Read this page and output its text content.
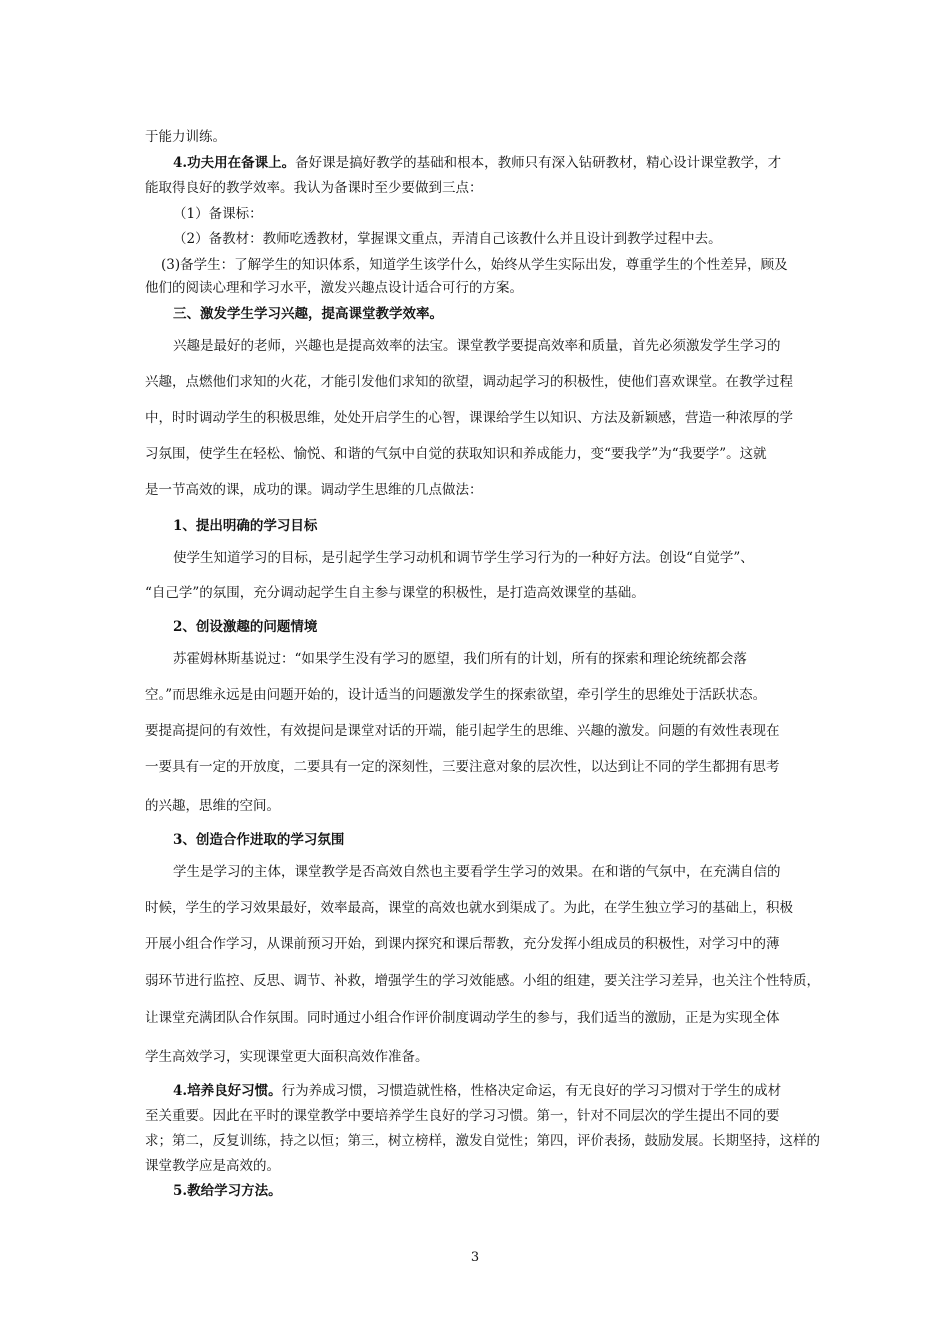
于能力训练。
4.功夫用在备课上。备好课是搞好教学的基础和根本，教师只有深入钻研教材，精心设计课堂教学，才
能取得良好的教学效率。我认为备课时至少要做到三点：
（1）备课标：
（2）备教材：教师吃透教材，掌握课文重点，弄清自己该教什么并且设计到教学过程中去。
(3)备学生：了解学生的知识体系，知道学生该学什么，始终从学生实际出发，尊重学生的个性差异，顾及
他们的阅读心理和学习水平，激发兴趣点设计适合可行的方案。
三、激发学生学习兴趣，提高课堂教学效率。
兴趣是最好的老师，兴趣也是提高效率的法宝。课堂教学要提高效率和质量，首先必须激发学生学习的
兴趣，点燃他们求知的火花，才能引发他们求知的欲望，调动起学习的积极性，使他们喜欢课堂。在教学过程
中，时时调动学生的积极思维，处处开启学生的心智，课课给学生以知识、方法及新颖感，营造一种浓厚的学
习氛围，使学生在轻松、愉悦、和谐的气氛中自觉的获取知识和养成能力，变“要我学”为“我要学”。这就
是一节高效的课，成功的课。调动学生思维的几点做法：
1、提出明确的学习目标
使学生知道学习的目标，是引起学生学习动机和调节学生学习行为的一种好方法。创设“自觉学”、
“自己学”的氛围，充分调动起学生自主参与课堂的积极性，是打造高效课堂的基础。
2、创设激趣的问题情境
苏霍姆林斯基说过：“如果学生没有学习的愿望，我们所有的计划，所有的探索和理论统统都会落
空。”而思维永远是由问题开始的，设计适当的问题激发学生的探索欲望，牵引学生的思维处于活跃状态。
要提高提问的有效性，有效提问是课堂对话的开端，能引起学生的思维、兴趣的激发。问题的有效性表现在
一要具有一定的开放度，二要具有一定的深刻性，三要注意对象的层次性，以达到让不同的学生都拥有思考
的兴趣，思维的空间。
3、创造合作进取的学习氛围
学生是学习的主体，课堂教学是否高效自然也主要看学生学习的效果。在和谐的气氛中，在充满自信的
时候，学生的学习效果最好，效率最高，课堂的高效也就水到渠成了。为此，在学生独立学习的基础上，积极
开展小组合作学习，从课前预习开始，到课内探究和课后帮教，充分发挥小组成员的积极性，对学习中的薄
弱环节进行监控、反思、调节、补救，增强学生的学习效能感。小组的组建，要关注学习差异，也关注个性特质，
让课堂充满团队合作氛围。同时通过小组合作评价制度调动学生的参与，我们适当的激励，正是为实现全体
学生高效学习，实现课堂更大面积高效作准备。
4.培养良好习惯。行为养成习惯，习惯造就性格，性格决定命运，有无良好的学习习惯对于学生的成材
至关重要。因此在平时的课堂教学中要培养学生良好的学习习惯。第一，针对不同层次的学生提出不同的要
求；第二，反复训练，持之以恒；第三，树立榜样，激发自觉性；第四，评价表扬，鼓励发展。长期坚持，这样的
课堂教学应是高效的。
5.教给学习方法。
3
